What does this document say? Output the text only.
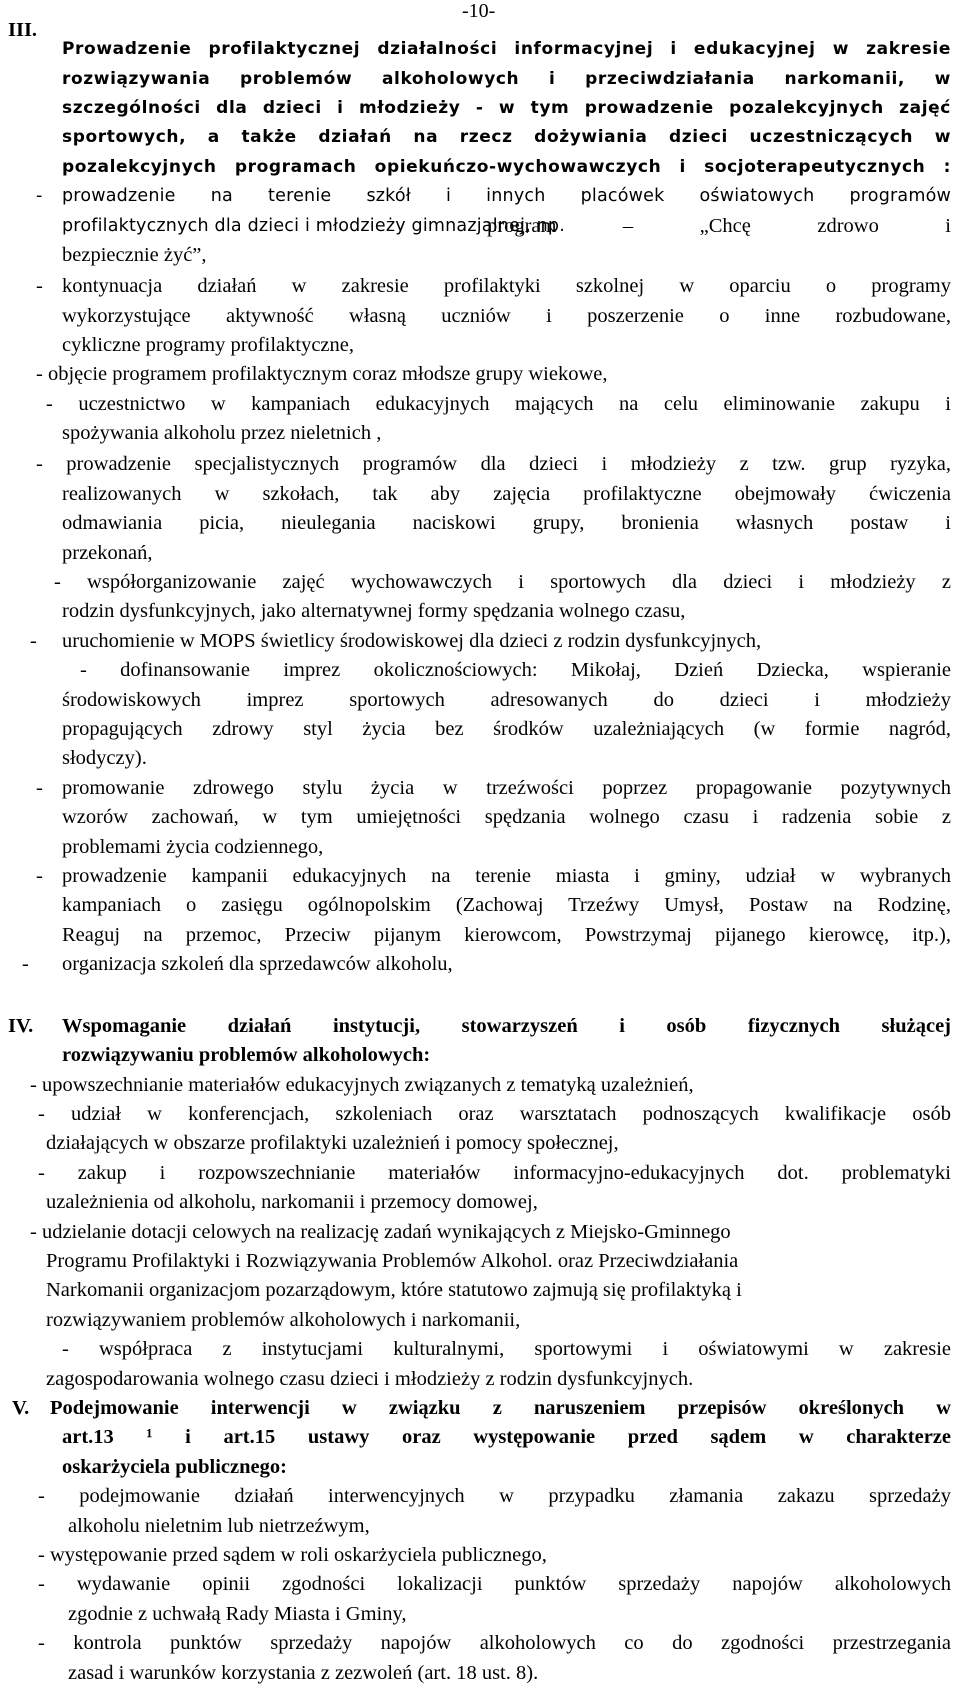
-10-
III.
Prowadzenie profilaktycznej działalności informacyjnej i edukacyjnej w zakresie
rozwiązywania problemów alkoholowych i przeciwdziałania narkomanii, w
szczególności dla dzieci i młodzieży - w tym prowadzenie pozalekcyjnych zajęć
sportowych, a także działań na rzecz dożywiania dzieci uczestniczących w
pozalekcyjnych programach opiekuńczo-wychowawczych i socjoterapeutycznych :
-	prowadzenie na terenie szkół i innych placówek oświatowych programów
profilaktycznych dla dzieci i młodzieży gimnazjalnej, np.
program – „Chcę zdrowo i
bezpiecznie żyć”,
- kontynuacja działań w zakresie profilaktyki szkolnej w oparciu o programy
wykorzystujące aktywność własną uczniów i poszerzenie o inne rozbudowane,
cykliczne programy profilaktyczne,
- objęcie programem profilaktycznym coraz młodsze grupy wiekowe,
- uczestnictwo w kampaniach edukacyjnych mających na celu eliminowanie zakupu i
spożywania alkoholu przez nieletnich ,
- prowadzenie specjalistycznych programów dla dzieci i młodzieży z tzw. grup ryzyka,
realizowanych w szkołach, tak aby zajęcia profilaktyczne obejmowały ćwiczenia
odmawiania picia, nieulegania naciskowi grupy, bronienia własnych postaw i
przekonań,
- współorganizowanie zajęć wychowawczych i sportowych dla dzieci i młodzieży z
rodzin dysfunkcyjnych, jako alternatywnej formy spędzania wolnego czasu,
- uruchomienie w MOPS świetlicy środowiskowej dla dzieci z rodzin dysfunkcyjnych,
- dofinansowanie imprez okolicznościowych: Mikołaj, Dzień Dziecka, wspieranie
środowiskowych imprez sportowych adresowanych do dzieci i młodzieży
propagujących zdrowy styl życia bez środków uzależniających (w formie nagród,
słodyczy).
- promowanie zdrowego stylu życia w trzeźwości poprzez propagowanie pozytywnych
wzorów zachowań, w tym umiejętności spędzania wolnego czasu i radzenia sobie z
problemami życia codziennego,
- prowadzenie kampanii edukacyjnych na terenie miasta i gminy, udział w wybranych
kampaniach o zasięgu ogólnopolskim (Zachowaj Trzeźwy Umysł, Postaw na Rodzinę,
Reaguj na przemoc, Przeciw pijanym kierowcom, Powstrzymaj pijanego kierowcę, itp.),
- organizacja szkoleń dla sprzedawców alkoholu,
IV.	Wspomaganie działań instytucji, stowarzyszeń i osób fizycznych służącej
rozwiązywaniu problemów alkoholowych:
- upowszechnianie materiałów edukacyjnych związanych z tematyką uzależnień,
- udział w konferencjach, szkoleniach oraz warsztatach podnoszących kwalifikacje osób
działających w obszarze profilaktyki uzależnień i pomocy społecznej,
- zakup i rozpowszechnianie materiałów informacyjno-edukacyjnych dot. problematyki
uzależnienia od alkoholu, narkomanii i przemocy domowej,
- udzielanie dotacji celowych na realizację zadań wynikających z Miejsko-Gminnego
Programu Profilaktyki i Rozwiązywania Problemów Alkohol. oraz Przeciwdziałania
Narkomanii organizacjom pozarządowym, które statutowo zajmują się profilaktyką i
rozwiązywaniem problemów alkoholowych i narkomanii,
- współpraca z instytucjami kulturalnymi, sportowymi i oświatowymi w zakresie
zagospodarowania wolnego czasu dzieci i młodzieży z rodzin dysfunkcyjnych.
V.	Podejmowanie interwencji w związku z naruszeniem przepisów określonych w
art.13 ¹ i art.15 ustawy oraz występowanie przed sądem w charakterze
oskarżyciela publicznego:
- podejmowanie działań interwencyjnych w przypadku złamania zakazu sprzedaży
alkoholu nieletnim lub nietrzeźwym,
- występowanie przed sądem w roli oskarżyciela publicznego,
- wydawanie opinii zgodności lokalizacji punktów sprzedaży napojów alkoholowych
zgodnie z uchwałą Rady Miasta i Gminy,
- kontrola punktów sprzedaży napojów alkoholowych co do zgodności przestrzegania
zasad i warunków korzystania z zezwoleń (art. 18 ust. 8).
